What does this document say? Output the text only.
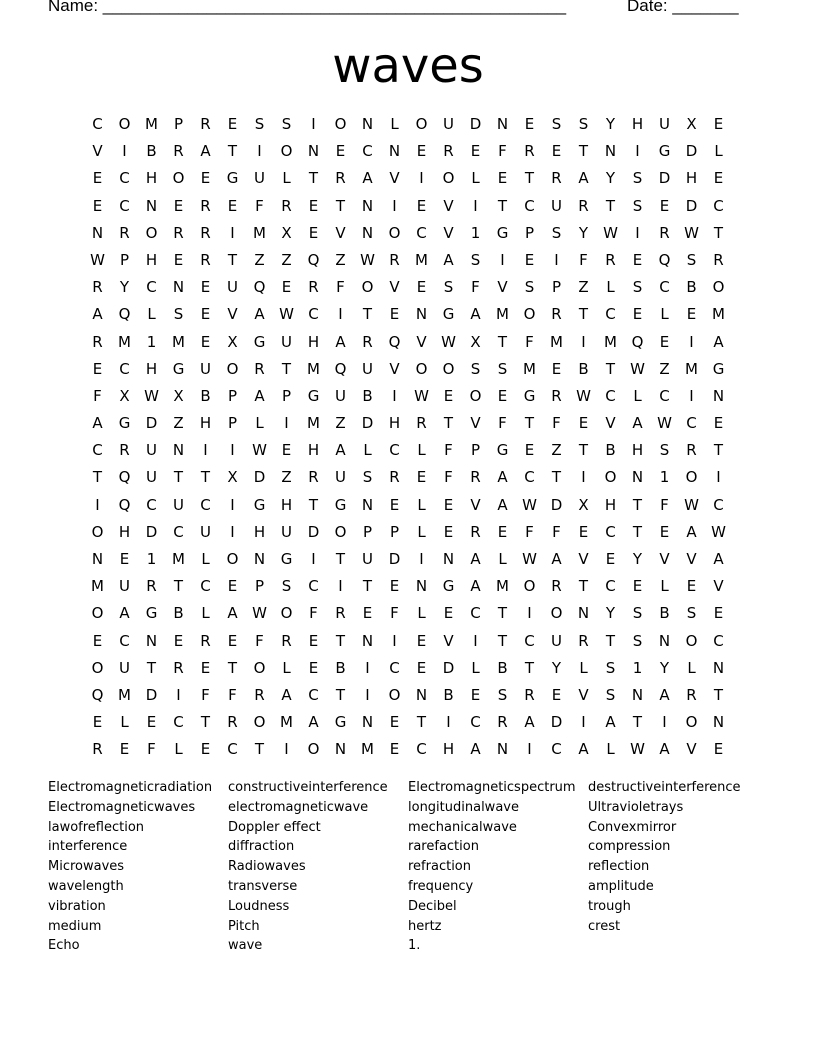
Name: _________________________________________________	Date: _______
waves
C	O M	P	R	E	S	S	I	O	N	L	O	U	D	N	E	S	S	Y	H	U	X	E
V	I	B	R	A	T	I	O	N	E	C	N	E	R	E	F	R	E	T	N	I	G	D	L
E	C	H	O	E	G	U	L	T	R	A	V	I	O	L	E	T	R	A	Y	S	D	H	E
E	C	N	E	R	E	F	R	E	T	N	I	E	V	I	T	C	U	R	T	S	E	D	C
N	R	O	R	R	I	M	X	E	V	N	O	C	V	1	G	P	S	Y	W	I	R W T
W	P	H	E	R	T	Z	Z	Q	Z W R	M	A	S	I	E	I	F	R	E	Q	S	R
R	Y	C	N	E	U	Q	E	R	F	O	V	E	S	F	V	S	P	Z	L	S	C	B	O
A	Q	L	S	E	V	A W C	I	T	E	N	G	A	M O	R	T	C	E	L	E	M
R	M	1	M	E	X	G	U	H	A	R	Q	V W X	T	F	M	I	M Q	E	I	A
E	C	H	G	U	O	R	T	M Q	U	V	O	O	S	S	M	E	B	T	W Z	M G
F	X W X	B	P	A	P	G	U	B	I	W E	O	E	G	R W C	L	C	I	N
A	G	D	Z	H	P	L	I	M	Z	D	H	R	T	V	F	T	F	E	V	A W C	E
C	R	U	N	I	I	W E	H	A	L	C	L	F	P	G	E	Z	T	B	H	S	R	T
T	Q	U	T	T	X	D	Z	R	U	S	R	E	F	R	A	C	T	I	O	N	1	O	I
I	Q	C	U	C	I	G	H	T	G	N	E	L	E	V	A W D	X	H	T	F	W C
O	H	D	C	U	I	H	U	D	O	P	P	L	E	R	E	F	F	E	C	T	E	A W
N	E	1	M	L	O	N	G	I	T	U	D	I	N	A	L	W A	V	E	Y	V	V	A
M	U	R	T	C	E	P	S	C	I	T	E	N	G	A	M O	R	T	C	E	L	E	V
O	A	G	B	L	A W O	F	R	E	F	L	E	C	T	I	O	N	Y	S	B	S	E
E	C	N	E	R	E	F	R	E	T	N	I	E	V	I	T	C	U	R	T	S	N	O	C
O	U	T	R	E	T	O	L	E	B	I	C	E	D	L	B	T	Y	L	S	1	Y	L	N
Q M D	I	F	F	R	A	C	T	I	O	N	B	E	S	R	E	V	S	N	A	R	T
E	L	E	C	T	R	O M	A	G	N	E	T	I	C	R	A	D	I	A	T	I	O	N
R	E	F	L	E	C	T	I	O	N M	E	C	H	A	N	I	C	A	L	W A	V	E
Electromagneticradiation
Electromagneticwaves
lawofreflection
interference
Microwaves
wavelength
vibration
medium
Echo
constructiveinterference
electromagneticwave
Doppler effect
diffraction
Radiowaves
transverse
Loudness
Pitch
wave
Electromagneticspectrum
longitudinalwave
mechanicalwave
rarefaction
refraction
frequency
Decibel
hertz
1.
destructiveinterference
Ultravioletrays
Convexmirror
compression
reflection
amplitude
trough
crest
